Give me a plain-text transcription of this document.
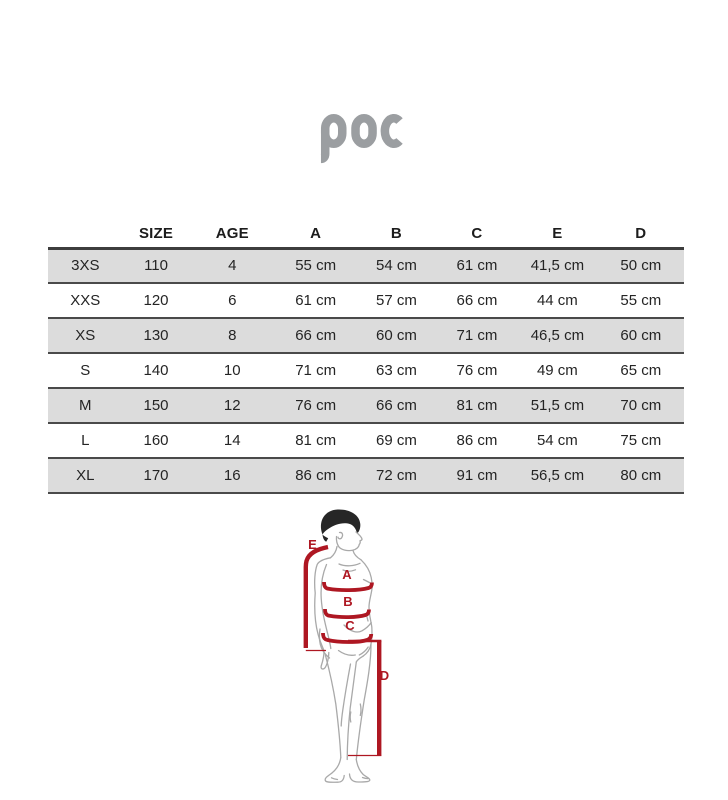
	SIZE	AGE	A	B	C	E	D
3XS	110	4	55 cm	54 cm	61 cm	41,5 cm	50 cm
XXS	120	6	61 cm	57 cm	66 cm	44 cm	55 cm
XS	130	8	66 cm	60 cm	71 cm	46,5 cm	60 cm
S	140	10	71 cm	63 cm	76 cm	49 cm	65 cm
M	150	12	76 cm	66 cm	81 cm	51,5 cm	70 cm
L	160	14	81 cm	69 cm	86 cm	54 cm	75 cm
XL	170	16	86 cm	72 cm	91 cm	56,5 cm	80 cm
E
A
B
C
D
